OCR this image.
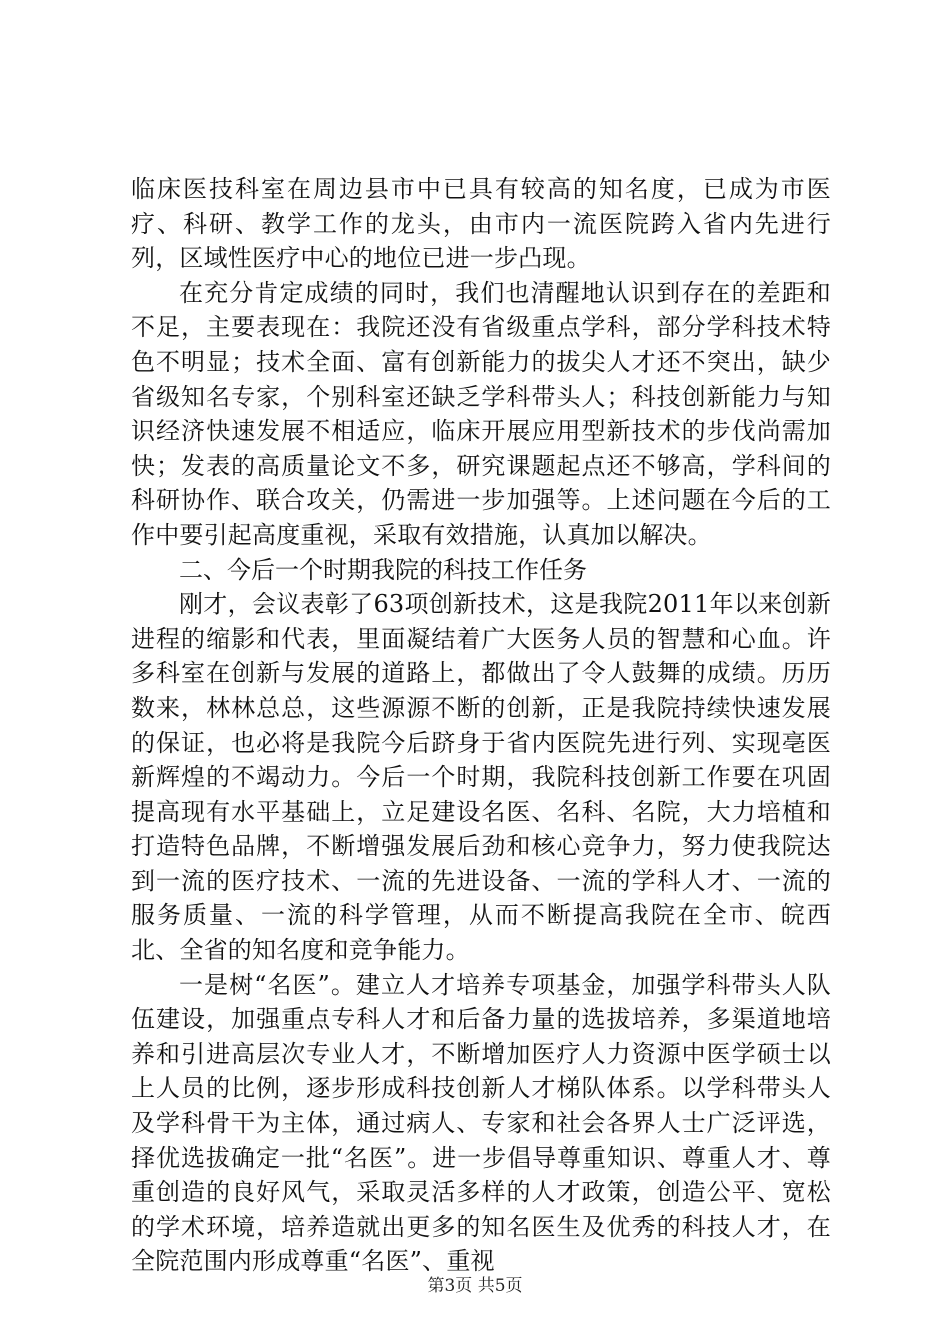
临床医技科室在周边县市中已具有较高的知名度，已成为市医疗、科研、教学工作的龙头，由市内一流医院跨入省内先进行列，区域性医疗中心的地位已进一步凸现。

在充分肯定成绩的同时，我们也清醒地认识到存在的差距和不足，主要表现在：我院还没有省级重点学科，部分学科技术特色不明显；技术全面、富有创新能力的拔尖人才还不突出，缺少省级知名专家，个别科室还缺乏学科带头人；科技创新能力与知识经济快速发展不相适应，临床开展应用型新技术的步伐尚需加快；发表的高质量论文不多，研究课题起点还不够高，学科间的科研协作、联合攻关，仍需进一步加强等。上述问题在今后的工作中要引起高度重视，采取有效措施，认真加以解决。

二、今后一个时期我院的科技工作任务

刚才，会议表彰了63项创新技术，这是我院2011年以来创新进程的缩影和代表，里面凝结着广大医务人员的智慧和心血。许多科室在创新与发展的道路上，都做出了令人鼓舞的成绩。历历数来，林林总总，这些源源不断的创新，正是我院持续快速发展的保证，也必将是我院今后跻身于省内医院先进行列、实现亳医新辉煌的不竭动力。今后一个时期，我院科技创新工作要在巩固提高现有水平基础上，立足建设名医、名科、名院，大力培植和打造特色品牌，不断增强发展后劲和核心竞争力，努力使我院达到一流的医疗技术、一流的先进设备、一流的学科人才、一流的服务质量、一流的科学管理，从而不断提高我院在全市、皖西北、全省的知名度和竞争能力。

一是树“名医”。建立人才培养专项基金，加强学科带头人队伍建设，加强重点专科人才和后备力量的选拔培养，多渠道地培养和引进高层次专业人才，不断增加医疗人力资源中医学硕士以上人员的比例，逐步形成科技创新人才梯队体系。以学科带头人及学科骨干为主体，通过病人、专家和社会各界人士广泛评选，择优选拔确定一批“名医”。进一步倡导尊重知识、尊重人才、尊重创造的良好风气，采取灵活多样的人才政策，创造公平、宽松的学术环境，培养造就出更多的知名医生及优秀的科技人才，在全院范围内形成尊重“名医”、重视

第3页 共5页
